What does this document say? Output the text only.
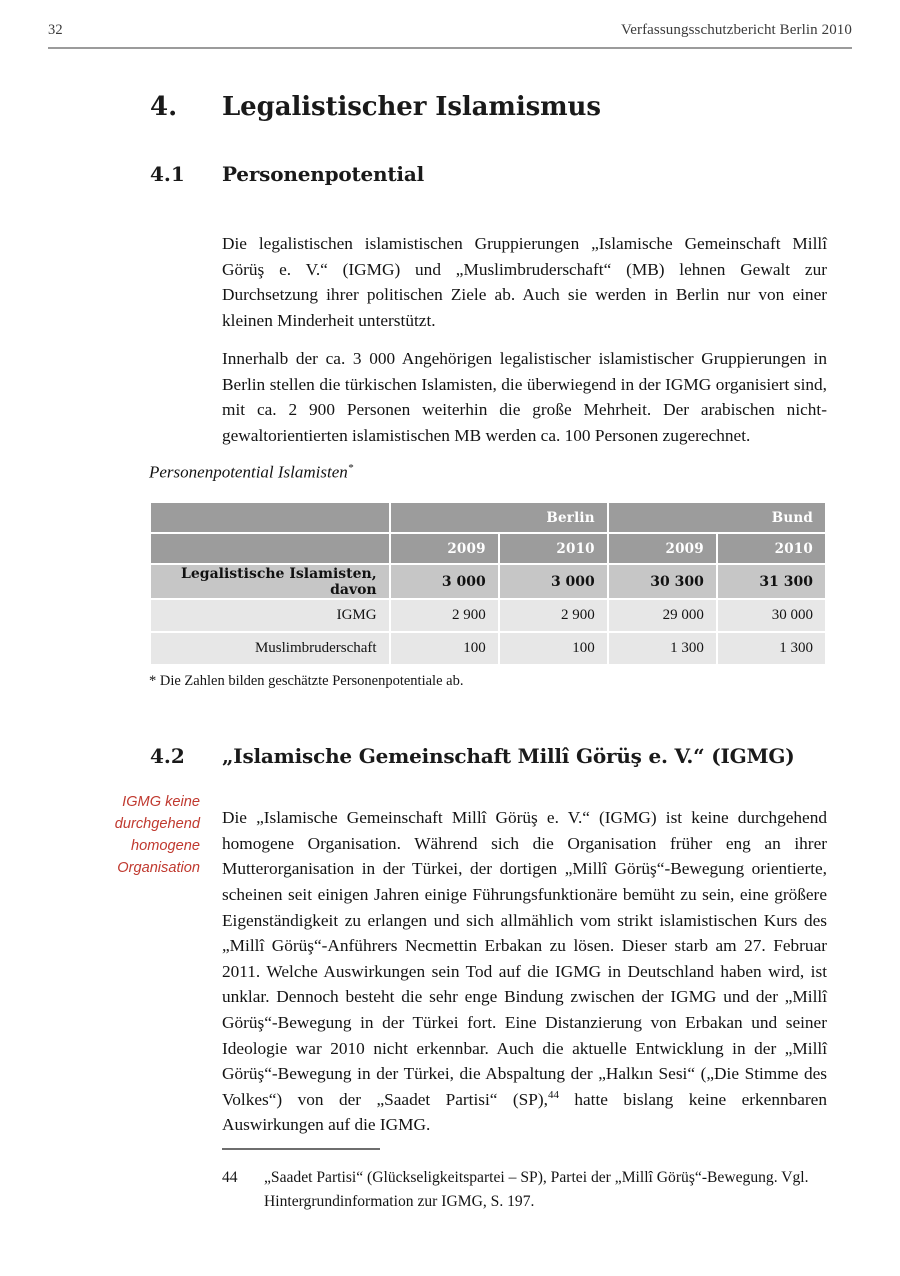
32	Verfassungsschutzbericht Berlin 2010
4.	Legalistischer Islamismus
4.1	Personenpotential

Die legalistischen islamistischen Gruppierungen „Islamische Gemeinschaft Millî Görüş e. V.“ (IGMG) und „Muslimbruderschaft“ (MB) lehnen Gewalt zur Durchsetzung ihrer politischen Ziele ab. Auch sie werden in Berlin nur von einer kleinen Minderheit unterstützt.

Innerhalb der ca. 3 000 Angehörigen legalistischer islamistischer Gruppierungen in Berlin stellen die türkischen Islamisten, die überwiegend in der IGMG organisiert sind, mit ca. 2 900 Personen weiterhin die große Mehrheit. Der arabischen nicht-gewaltorientierten islamistischen MB werden ca. 100 Personen zugerechnet.

Personenpotential Islamisten*
	Berlin		Bund	
	2009	2010	2009	2010
Legalistische Islamisten, davon	3 000	3 000	30 300	31 300
IGMG	2 900	2 900	29 000	30 000
Muslimbruderschaft	100	100	1 300	1 300
* Die Zahlen bilden geschätzte Personenpotentiale ab.
4.2	„Islamische Gemeinschaft Millî Görüş e. V.“ (IGMG)
IGMG keine durchgehend homogene Organisation

Die „Islamische Gemeinschaft Millî Görüş e. V.“ (IGMG) ist keine durchgehend homogene Organisation. Während sich die Organisation früher eng an ihrer Mutterorganisation in der Türkei, der dortigen „Millî Görüş“-Bewegung orientierte, scheinen seit einigen Jahren einige Führungsfunktionäre bemüht zu sein, eine größere Eigenständigkeit zu erlangen und sich allmählich vom strikt islamistischen Kurs des „Millî Görüş“-Anführers Necmettin Erbakan zu lösen. Dieser starb am 27. Februar 2011. Welche Auswirkungen sein Tod auf die IGMG in Deutschland haben wird, ist unklar. Dennoch besteht die sehr enge Bindung zwischen der IGMG und der „Millî Görüş“-Bewegung in der Türkei fort. Eine Distanzierung von Erbakan und seiner Ideologie war 2010 nicht erkennbar. Auch die aktuelle Entwicklung in der „Millî Görüş“-Bewegung in der Türkei, die Abspaltung der „Halkın Sesi“ („Die Stimme des Volkes“) von der „Saadet Partisi“ (SP),$^{44}$ hatte bislang keine erkennbaren Auswirkungen auf die IGMG.

44	„Saadet Partisi“ (Glückseligkeitspartei – SP), Partei der „Millî Görüş“-Bewegung. Vgl. Hintergrundinformation zur IGMG, S. 197.
